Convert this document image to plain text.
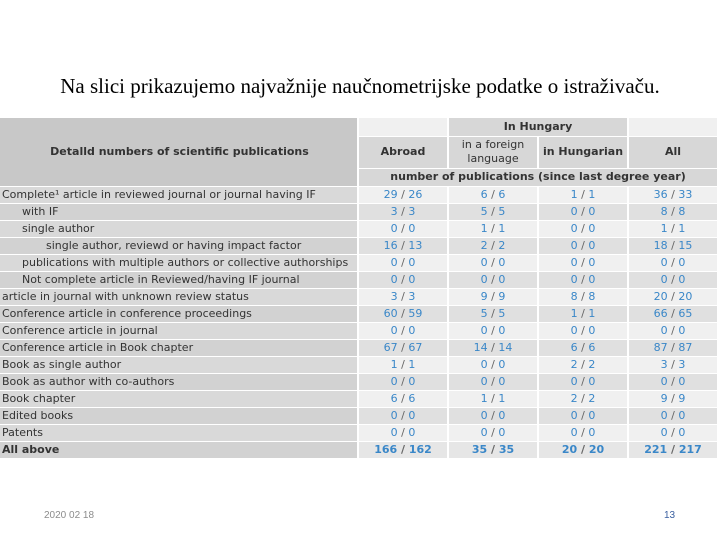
Na slici prikazujemo najvažnije naučnometrijske podatke o istraživaču.
Detalld numbers of scientific publications		In Hungary		
	Abroad	in a foreign language	in Hungarian	All
	number of publications (since last degree year)			
Complete¹ article in reviewed journal or journal having IF	29 / 26	6 / 6	1 / 1	36 / 33
with IF	3 / 3	5 / 5	0 / 0	8 / 8
single author	0 / 0	1 / 1	0 / 0	1 / 1
single author, reviewd or having impact factor	16 / 13	2 / 2	0 / 0	18 / 15
publications with multiple authors or collective authorships	0 / 0	0 / 0	0 / 0	0 / 0
Not complete article in Reviewed/having IF journal	0 / 0	0 / 0	0 / 0	0 / 0
article in journal with unknown review status	3 / 3	9 / 9	8 / 8	20 / 20
Conference article in conference proceedings	60 / 59	5 / 5	1 / 1	66 / 65
Conference article in journal	0 / 0	0 / 0	0 / 0	0 / 0
Conference article in Book chapter	67 / 67	14 / 14	6 / 6	87 / 87
Book as single author	1 / 1	0 / 0	2 / 2	3 / 3
Book as author with co-authors	0 / 0	0 / 0	0 / 0	0 / 0
Book chapter	6 / 6	1 / 1	2 / 2	9 / 9
Edited books	0 / 0	0 / 0	0 / 0	0 / 0
Patents	0 / 0	0 / 0	0 / 0	0 / 0
All above	166 / 162	35 / 35	20 / 20	221 / 217
2020 02 18	13
